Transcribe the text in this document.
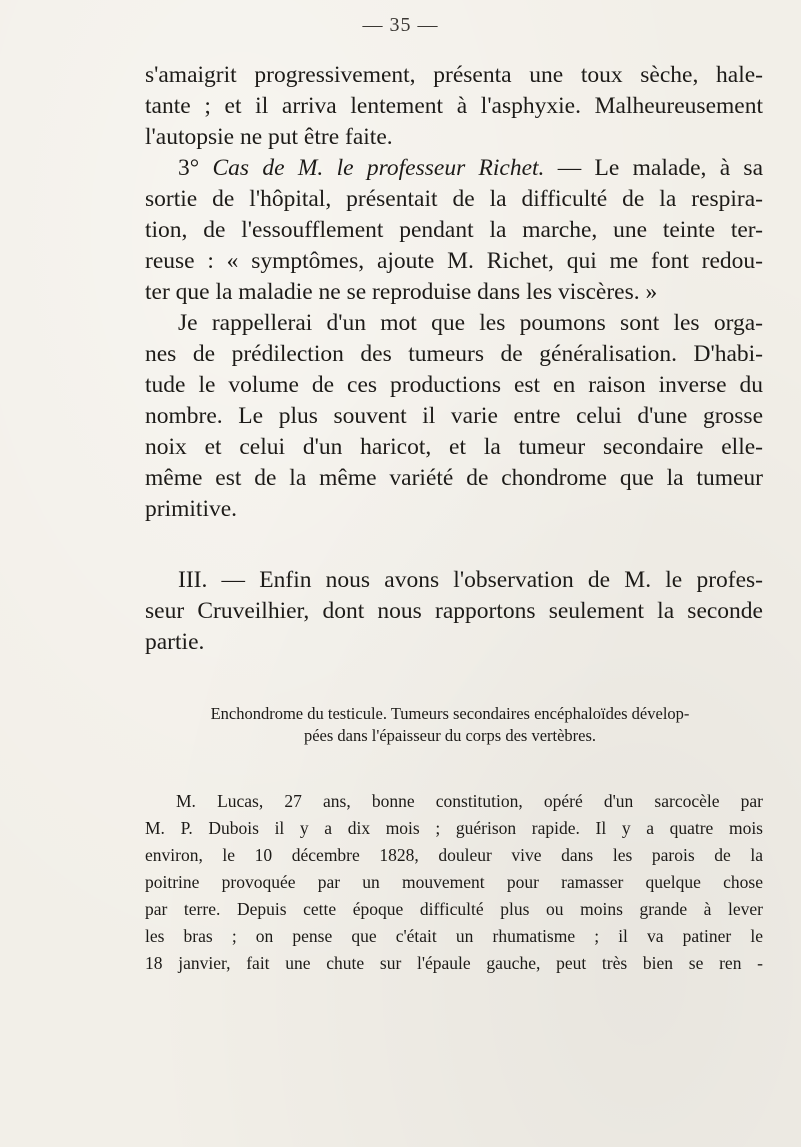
— 35 —
s'amaigrit progressivement, présenta une toux sèche, hale-
tante ; et il arriva lentement à l'asphyxie. Malheureusement
l'autopsie ne put être faite.
3° Cas de M. le professeur Richet. — Le malade, à sa
sortie de l'hôpital, présentait de la difficulté de la respira-
tion, de l'essoufflement pendant la marche, une teinte ter-
reuse : « symptômes, ajoute M. Richet, qui me font redou-
ter que la maladie ne se reproduise dans les viscères. »
Je rappellerai d'un mot que les poumons sont les orga-
nes de prédilection des tumeurs de généralisation. D'habi-
tude le volume de ces productions est en raison inverse du
nombre. Le plus souvent il varie entre celui d'une grosse
noix et celui d'un haricot, et la tumeur secondaire elle-
même est de la même variété de chondrome que la tumeur
primitive.
III. — Enfin nous avons l'observation de M. le profes-
seur Cruveilhier, dont nous rapportons seulement la seconde
partie.
Enchondrome du testicule. Tumeurs secondaires encéphaloïdes dévelop-
pées dans l'épaisseur du corps des vertèbres.
M. Lucas, 27 ans, bonne constitution, opéré d'un sarcocèle par
M. P. Dubois il y a dix mois ; guérison rapide. Il y a quatre mois
environ, le 10 décembre 1828, douleur vive dans les parois de la
poitrine provoquée par un mouvement pour ramasser quelque chose
par terre. Depuis cette époque difficulté plus ou moins grande à lever
les bras ; on pense que c'était un rhumatisme ; il va patiner le
18 janvier, fait une chute sur l'épaule gauche, peut très bien se ren -
